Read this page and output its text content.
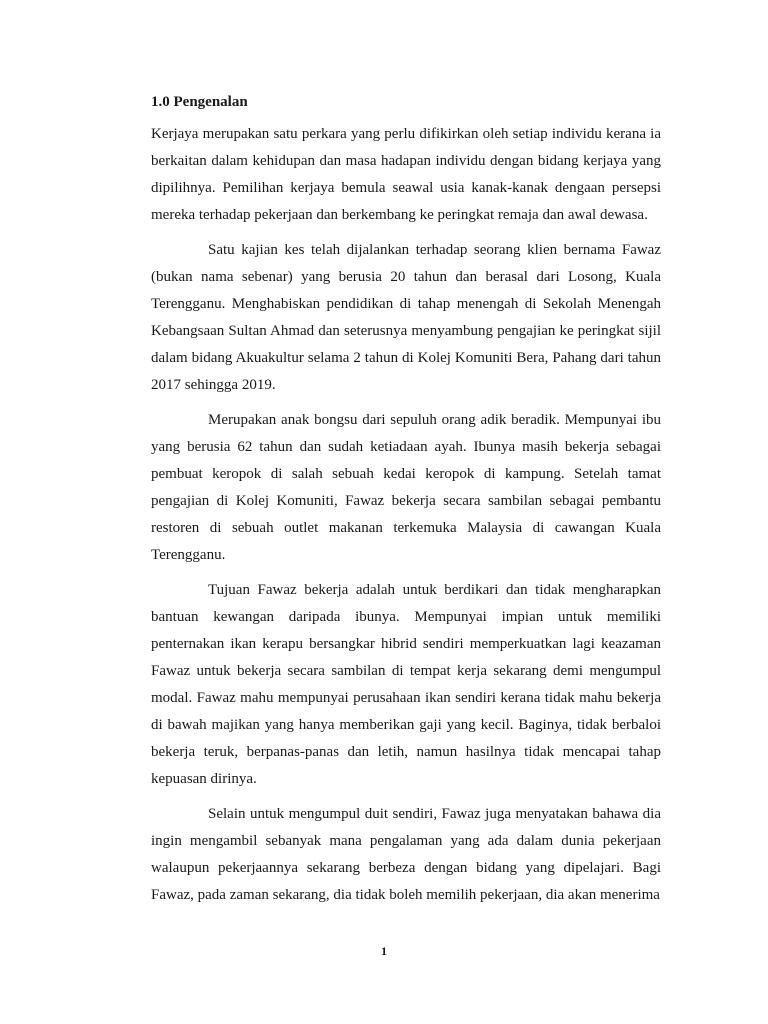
1.0 Pengenalan

Kerjaya merupakan satu perkara yang perlu difikirkan oleh setiap individu kerana ia berkaitan dalam kehidupan dan masa hadapan individu dengan bidang kerjaya yang dipilihnya. Pemilihan kerjaya bemula seawal usia kanak-kanak dengaan persepsi mereka terhadap pekerjaan dan berkembang ke peringkat remaja dan awal dewasa.

Satu kajian kes telah dijalankan terhadap seorang klien bernama Fawaz (bukan nama sebenar) yang berusia 20 tahun dan berasal dari Losong, Kuala Terengganu. Menghabiskan pendidikan di tahap menengah di Sekolah Menengah Kebangsaan Sultan Ahmad dan seterusnya menyambung pengajian ke peringkat sijil dalam bidang Akuakultur selama 2 tahun di Kolej Komuniti Bera, Pahang dari tahun 2017 sehingga 2019.

Merupakan anak bongsu dari sepuluh orang adik beradik. Mempunyai ibu yang berusia 62 tahun dan sudah ketiadaan ayah. Ibunya masih bekerja sebagai pembuat keropok di salah sebuah kedai keropok di kampung. Setelah tamat pengajian di Kolej Komuniti, Fawaz bekerja secara sambilan sebagai pembantu restoren di sebuah outlet makanan terkemuka Malaysia di cawangan Kuala Terengganu.

Tujuan Fawaz bekerja adalah untuk berdikari dan tidak mengharapkan bantuan kewangan daripada ibunya. Mempunyai impian untuk memiliki penternakan ikan kerapu bersangkar hibrid sendiri memperkuatkan lagi keazaman Fawaz untuk bekerja secara sambilan di tempat kerja sekarang demi mengumpul modal. Fawaz mahu mempunyai perusahaan ikan sendiri kerana tidak mahu bekerja di bawah majikan yang hanya memberikan gaji yang kecil. Baginya, tidak berbaloi bekerja teruk, berpanas-panas dan letih, namun hasilnya tidak mencapai tahap kepuasan dirinya.

Selain untuk mengumpul duit sendiri, Fawaz juga menyatakan bahawa dia ingin mengambil sebanyak mana pengalaman yang ada dalam dunia pekerjaan walaupun pekerjaannya sekarang berbeza dengan bidang yang dipelajari. Bagi Fawaz, pada zaman sekarang, dia tidak boleh memilih pekerjaan, dia akan menerima

1
